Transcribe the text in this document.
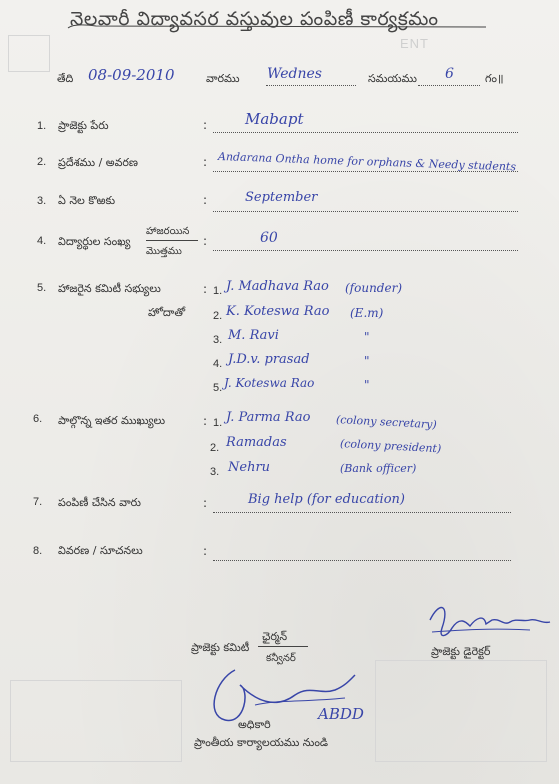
ENT
నెలవారీ విద్యావసర వస్తువుల పంపిణీ కార్యక్రమం
తేది 08-09-2010	వారము Wednes	సమయము 6	గం॥
1. ప్రాజెక్టు పేరు	:	Mabapt
2. ప్రదేశము / అవరణ	: Andarana Ontha home for orphans & Needy students
3. ఏ నెల కొఱకు	:	September
4. విద్యార్థుల సంఖ్య
హాజరయిన
మొత్తము
:	60
5. హాజరైన కమిటీ సభ్యులు
హోదాతో
: 1. J. Madhava Rao (founder)
2. K. Koteswa Rao (E.m)
3. M. Ravi	"
4. J.D.v. prasad	"
5. J. Koteswa Rao	"
6. పాల్గొన్న ఇతర ముఖ్యులు	: 1. J. Parma Rao (colony secretary)
2. Ramadas	(colony president)
3. Nehru	(Bank officer)
7. పంపిణీ చేసిన వారు	:	Big help (for education)
8. వివరణ / సూచనలు	:
ప్రాజెక్టు కమిటీ
ఛైర్మన్
కన్వీనర్
ప్రాజెక్టు డైరెక్టర్
ABDD
అధికారి
ప్రాంతీయ కార్యాలయము నుండి
